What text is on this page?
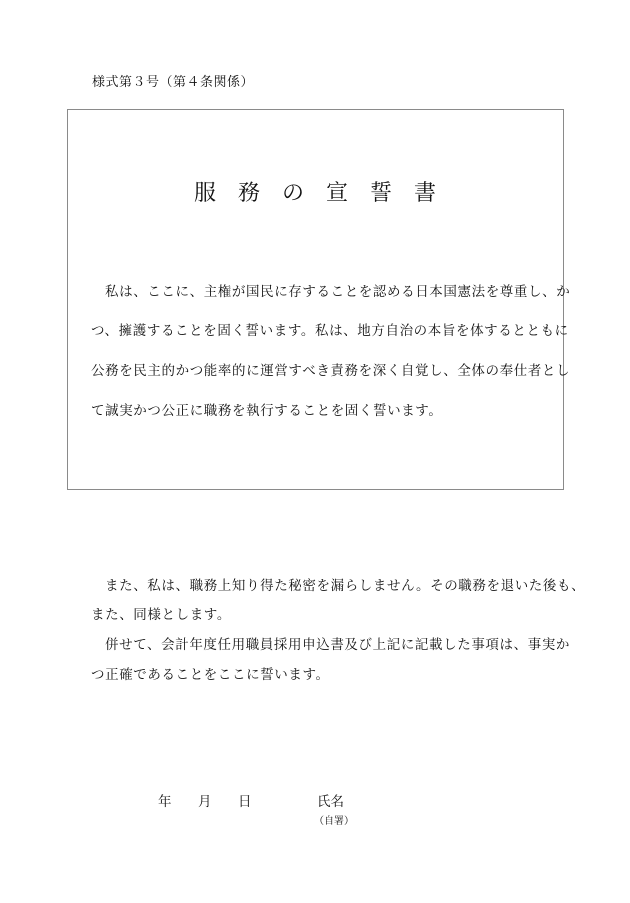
様式第３号（第４条関係）
服務の宣誓書
私は、ここに、主権が国民に存することを認める日本国憲法を尊重し、か
つ、擁護することを固く誓います。私は、地方自治の本旨を体するとともに
公務を民主的かつ能率的に運営すべき責務を深く自覚し、全体の奉仕者とし
て誠実かつ公正に職務を執行することを固く誓います。
また、私は、職務上知り得た秘密を漏らしません。その職務を退いた後も、
また、同様とします。
併せて、会計年度任用職員採用申込書及び上記に記載した事項は、事実か
つ正確であることをここに誓います。
年 月 日	氏名
（自署）
